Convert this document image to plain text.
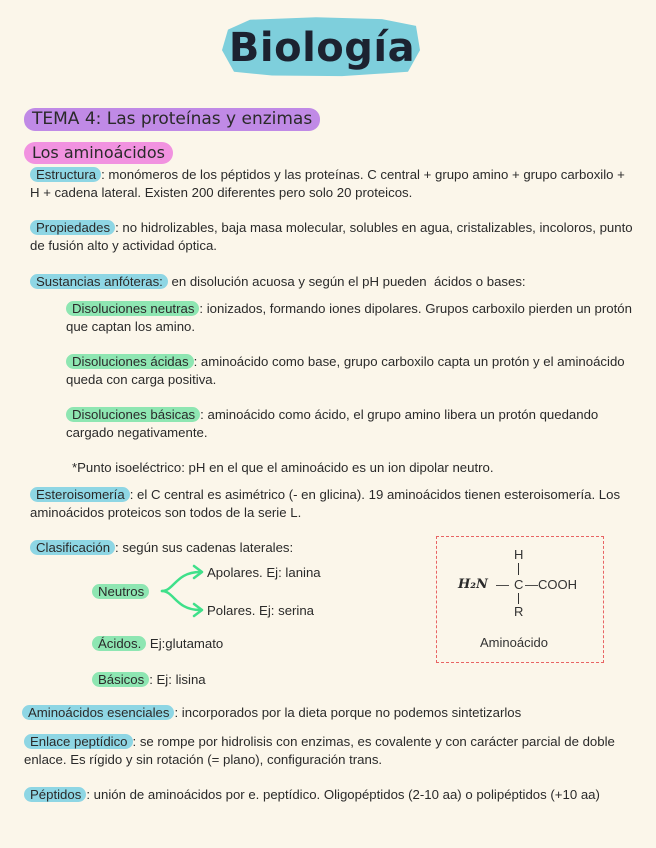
Biología
TEMA 4: Las proteínas y enzimas
Los aminoácidos
Estructura : monómeros de los péptidos y las proteínas. C central + grupo amino + grupo carboxilo + H + cadena lateral. Existen 200 diferentes pero solo 20 proteicos.
Propiedades : no hidrolizables, baja masa molecular, solubles en agua, cristalizables, incoloros, punto de fusión alto y actividad óptica.
Sustancias anfóteras: en disolución acuosa y según el pH pueden  ácidos o bases:
Disoluciones neutras : ionizados, formando iones dipolares. Grupos carboxilo pierden un protón que captan los amino.
Disoluciones ácidas : aminoácido como base, grupo carboxilo capta un protón y el aminoácido queda con carga positiva.
Disoluciones básicas : aminoácido como ácido, el grupo amino libera un protón quedando cargado negativamente.
*Punto isoeléctrico: pH en el que el aminoácido es un ion dipolar neutro.
Esteroisomería : el C central es asimétrico (- en glicina). 19 aminoácidos tienen esteroisomería. Los aminoácidos proteicos son todos de la serie L.
Clasificación : según sus cadenas laterales:
Neutros
Apolares. Ej: lanina
Polares. Ej: serina
Ácidos. Ej:glutamato
Básicos : Ej: lisina
H
H₂N — C —COOH
R
Aminoácido
Aminoácidos esenciales : incorporados por la dieta porque no podemos sintetizarlos
Enlace peptídico : se rompe por hidrolisis con enzimas, es covalente y con carácter parcial de doble enlace. Es rígido y sin rotación (= plano), configuración trans.
Péptidos : unión de aminoácidos por e. peptídico. Oligopéptidos (2-10 aa) o polipéptidos (+10 aa)
